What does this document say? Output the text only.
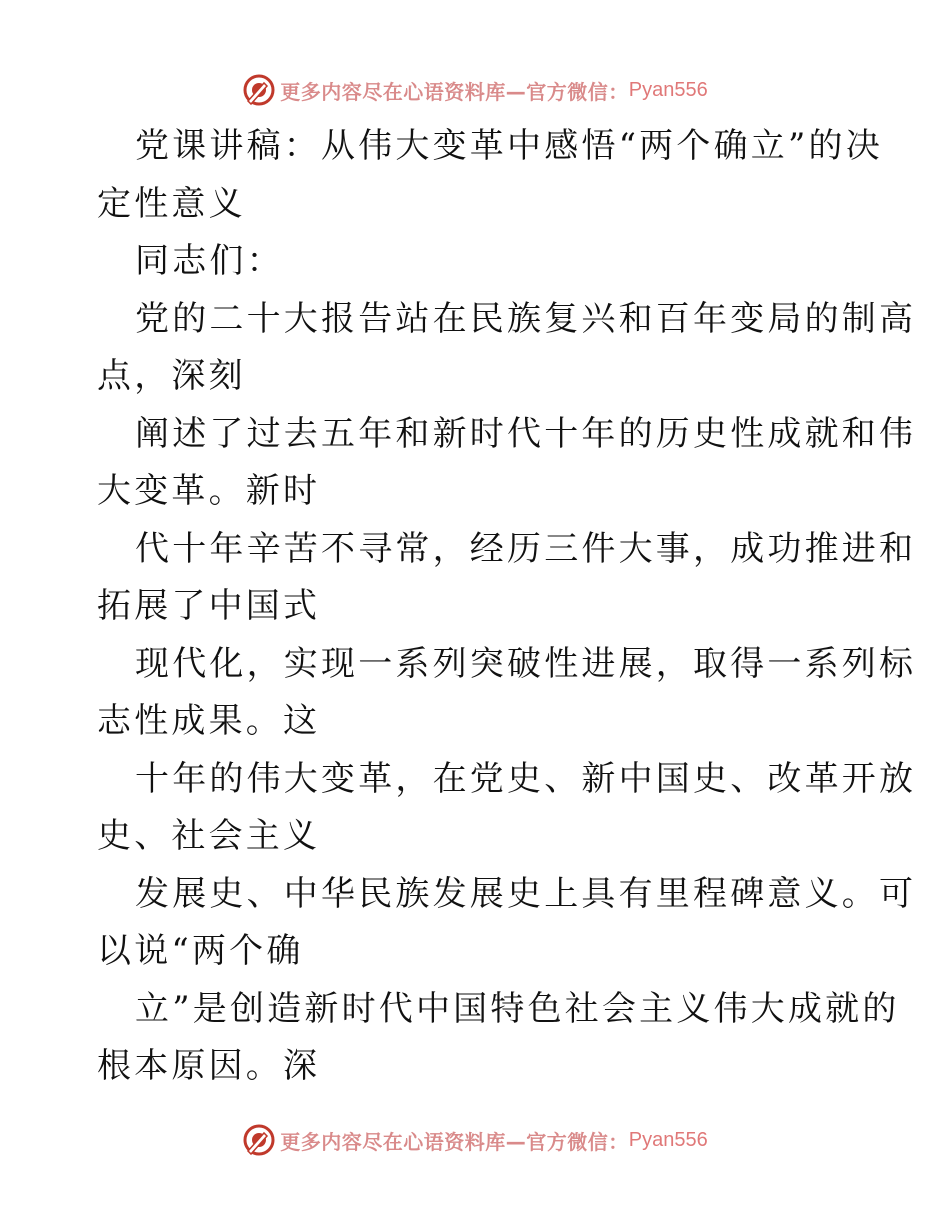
更多内容尽在心语资料库—官方微信： Pyan556

党课讲稿：从伟大变革中感悟“两个确立”的决
定性意义

同志们：

党的二十大报告站在民族复兴和百年变局的制高
点，深刻

阐述了过去五年和新时代十年的历史性成就和伟
大变革。新时

代十年辛苦不寻常，经历三件大事，成功推进和
拓展了中国式

现代化，实现一系列突破性进展，取得一系列标
志性成果。这

十年的伟大变革，在党史、新中国史、改革开放
史、社会主义

发展史、中华民族发展史上具有里程碑意义。可
以说“两个确

立”是创造新时代中国特色社会主义伟大成就的
根本原因。深

更多内容尽在心语资料库—官方微信： Pyan556
